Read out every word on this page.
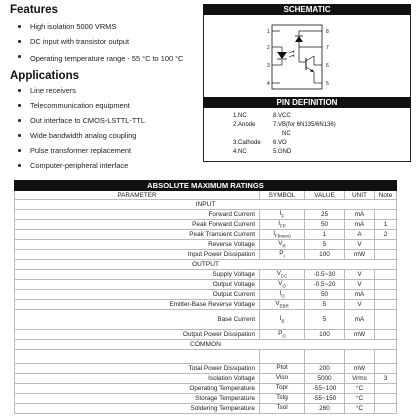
Features
High isolation 5000 VRMS
DC input with transistor output
Operating temperature range - 55 °C to 100 °C
Applications
Line receivers
Telecommunication equipment
Out interface to CMOS-LSTTL-TTL
Wide bandwidth analog coupling
Pulse transformer replacement
Computer-peripheral interface
SCHEMATIC
1
2
3
4
8
7
6
5
PIN DEFINITION
1.NC	8.VCC
2.Anode	7.VB(for 6N135/6N136)
NC
3.Cathode	6.VO
4.NC	5.GND
ABSOLUTE MAXIMUM RATINGS				
PARAMETER	SYMBOL	VALUE	UNIT	Note
INPUT				
Forward Current	$I_F$	25	mA	
Peak Forward Current	$I_{FP}$	50	mA	1
Peak Transient Current	$I_{F(trans)}$	1	A	2
Reverse Voltage	$V_R$	5	V	
Input Power Dissipation	$P_I$	100	mW	
OUTPUT				
Supply Voltage	$V_{CC}$	-0.5~30	V	
Output Voltage	$V_O$	-0.5~20	V	
Output Current	$I_O$	50	mA	
Emitter-Base Reverse Voltage	$V_{EBR}$	5	V	
Base Current	$I_B$	5	mA	
Output Power Dissipation	$P_O$	100	mW	
COMMON				

Total Power Dissipation	Ptot	200	mW	
Isolation Voltage	Viso	5000	Vrms	3
Operating Temperature	Topr	-55~100	°C	
Storage Temperature	Tstg	-55~150	°C	
Soldering Temperature	Tsol	260	°C	
